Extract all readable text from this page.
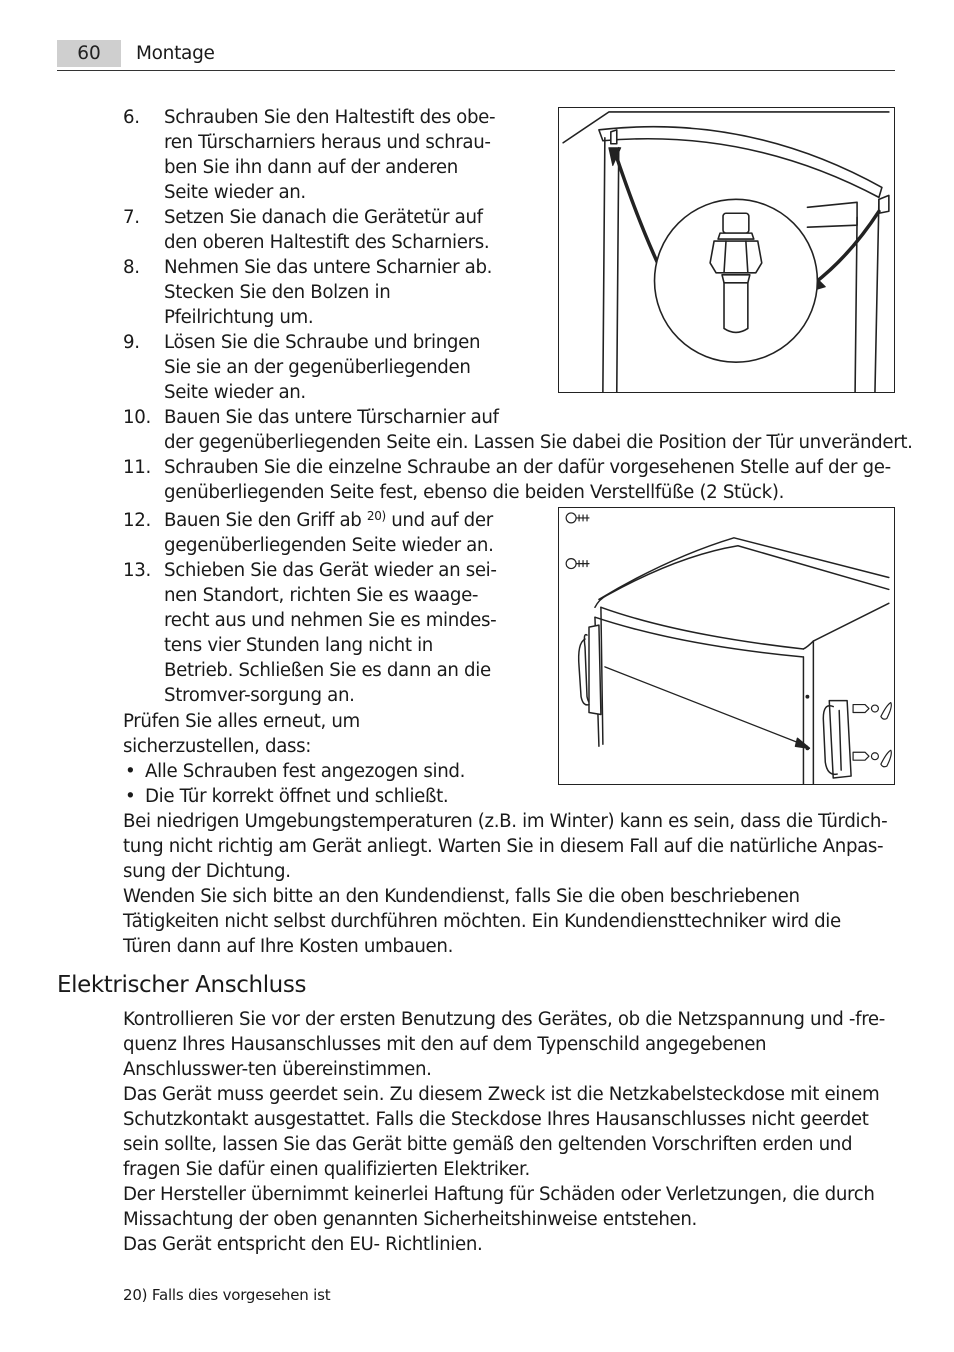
60	Montage
6. Schrauben Sie den Haltestift des obe-ren Türscharniers heraus und schrau-ben Sie ihn dann auf der anderen Seite wieder an.
7. Setzen Sie danach die Gerätetür auf den oberen Haltestift des Scharniers.
8. Nehmen Sie das untere Scharnier ab. Stecken Sie den Bolzen in Pfeilrichtung um.
9. Lösen Sie die Schraube und bringen Sie sie an der gegenüberliegenden Seite wieder an.
10. Bauen Sie das untere Türscharnier auf
der gegenüberliegenden Seite ein. Lassen Sie dabei die Position der Tür unverändert.
11. Schrauben Sie die einzelne Schraube an der dafür vorgesehenen Stelle auf der ge-genüberliegenden Seite fest, ebenso die beiden Verstellfüße (2 Stück).
12. Bauen Sie den Griff ab $^{20)}$ und auf der gegenüberliegenden Seite wieder an.
13. Schieben Sie das Gerät wieder an sei-nen Standort, richten Sie es waage-recht aus und nehmen Sie es mindes-tens vier Stunden lang nicht in Betrieb. Schließen Sie es dann an die Stromver-sorgung an.
Prüfen Sie alles erneut, um sicherzustellen, dass:
• Alle Schrauben fest angezogen sind.
• Die Tür korrekt öffnet und schließt.

Bei niedrigen Umgebungstemperaturen (z.B. im Winter) kann es sein, dass die Türdich-tung nicht richtig am Gerät anliegt. Warten Sie in diesem Fall auf die natürliche Anpas-sung der Dichtung.

Wenden Sie sich bitte an den Kundendienst, falls Sie die oben beschriebenen Tätigkeiten nicht selbst durchführen möchten. Ein Kundendiensttechniker wird die Türen dann auf Ihre Kosten umbauen.

Elektrischer Anschluss

Kontrollieren Sie vor der ersten Benutzung des Gerätes, ob die Netzspannung und -fre-quenz Ihres Hausanschlusses mit den auf dem Typenschild angegebenen Anschlusswer-ten übereinstimmen.

Das Gerät muss geerdet sein. Zu diesem Zweck ist die Netzkabelsteckdose mit einem Schutzkontakt ausgestattet. Falls die Steckdose Ihres Hausanschlusses nicht geerdet sein sollte, lassen Sie das Gerät bitte gemäß den geltenden Vorschriften erden und fragen Sie dafür einen qualifizierten Elektriker.

Der Hersteller übernimmt keinerlei Haftung für Schäden oder Verletzungen, die durch Missachtung der oben genannten Sicherheitshinweise entstehen.

Das Gerät entspricht den EU- Richtlinien.

20) Falls dies vorgesehen ist
